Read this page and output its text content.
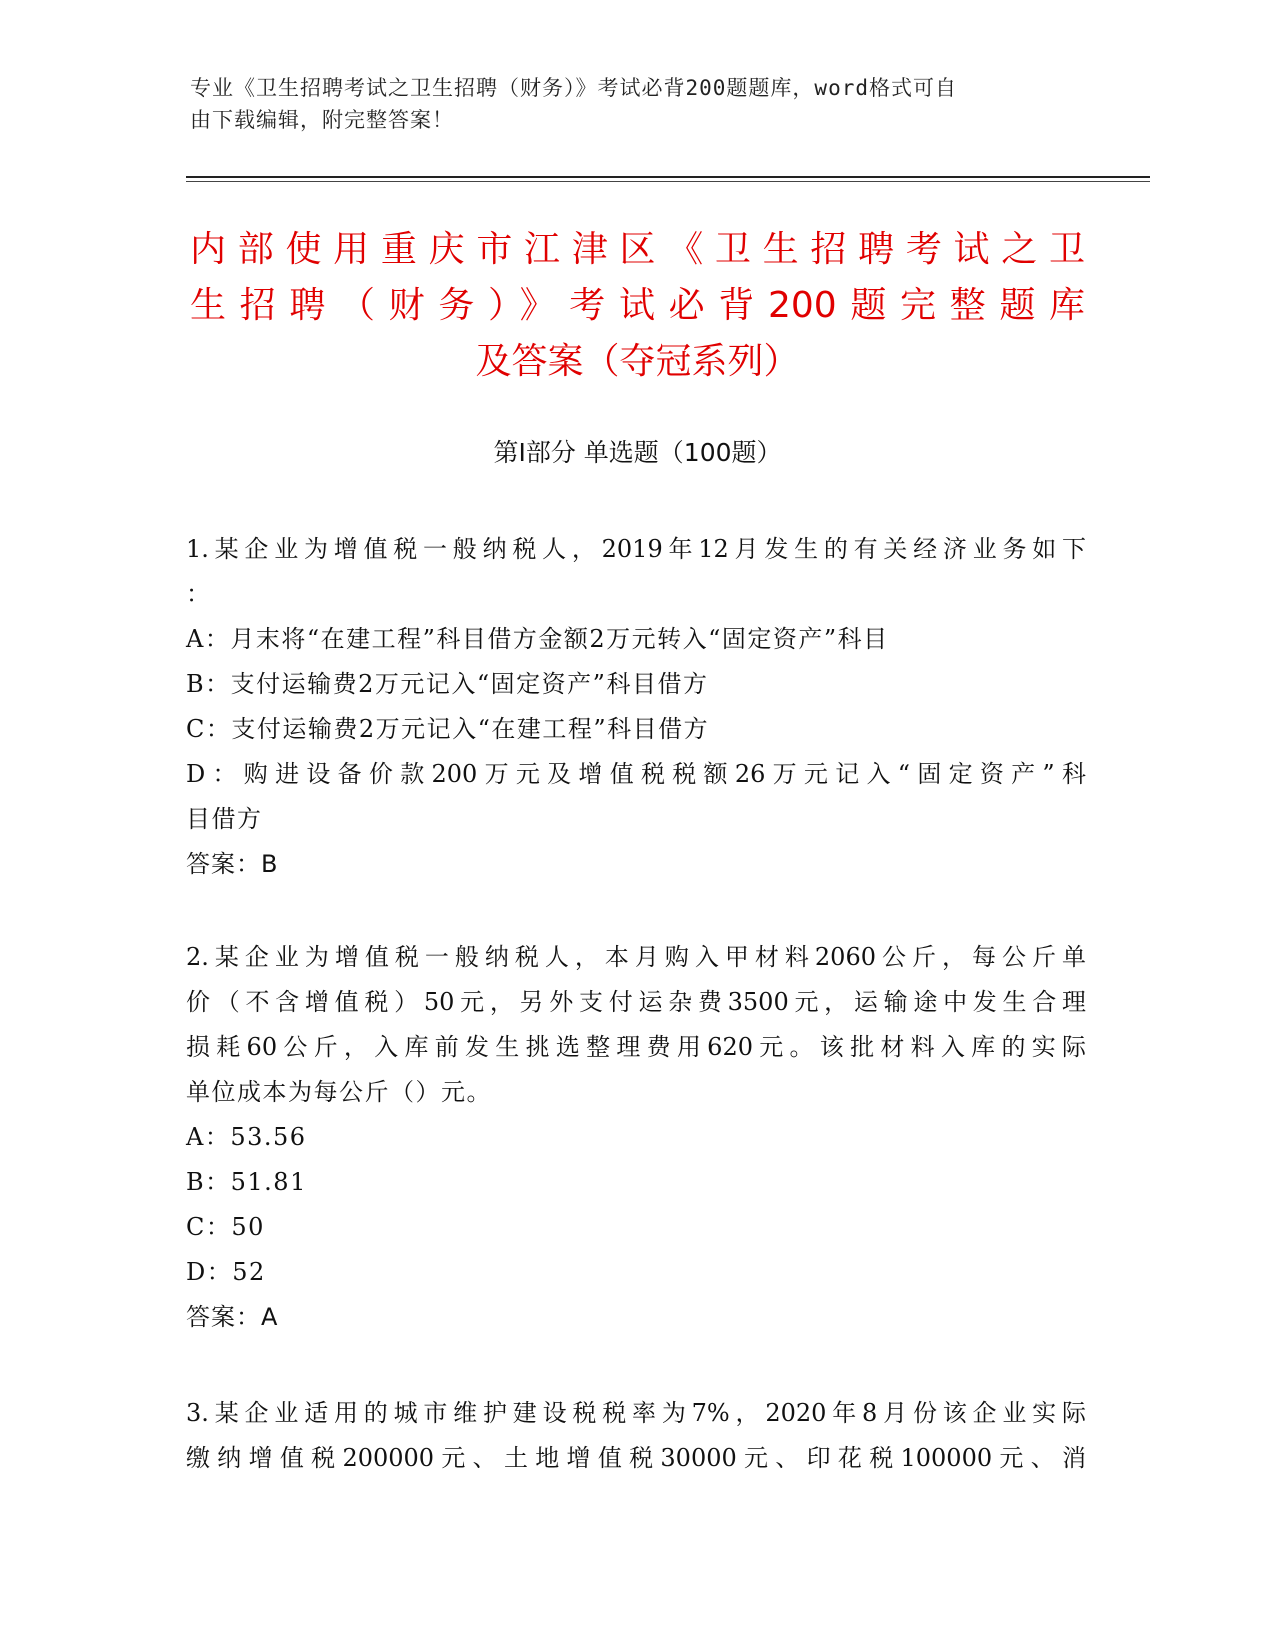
专业《卫生招聘考试之卫生招聘（财务）》考试必背200题题库，word格式可自
由下载编辑，附完整答案！
内部使用重庆市江津区《卫生招聘考试之卫
生招聘（财务）》考试必背200题完整题库
及答案（夺冠系列）
第Ⅰ部分 单选题（100题）
1.某企业为增值税一般纳税人，2019年12月发生的有关经济业务如下
：
A：月末将“在建工程”科目借方金额2万元转入“固定资产”科目
B：支付运输费2万元记入“固定资产”科目借方
C：支付运输费2万元记入“在建工程”科目借方
D：购进设备价款200万元及增值税税额26万元记入“固定资产”科
目借方
答案：B
2.某企业为增值税一般纳税人，本月购入甲材料2060公斤，每公斤单
价（不含增值税）50元，另外支付运杂费3500元，运输途中发生合理
损耗60公斤，入库前发生挑选整理费用620元。该批材料入库的实际
单位成本为每公斤（）元。
A：53.56
B：51.81
C：50
D：52
答案：A
3.某企业适用的城市维护建设税税率为7%，2020年8月份该企业实际
缴纳增值税200000元、土地增值税30000元、印花税100000元、消
